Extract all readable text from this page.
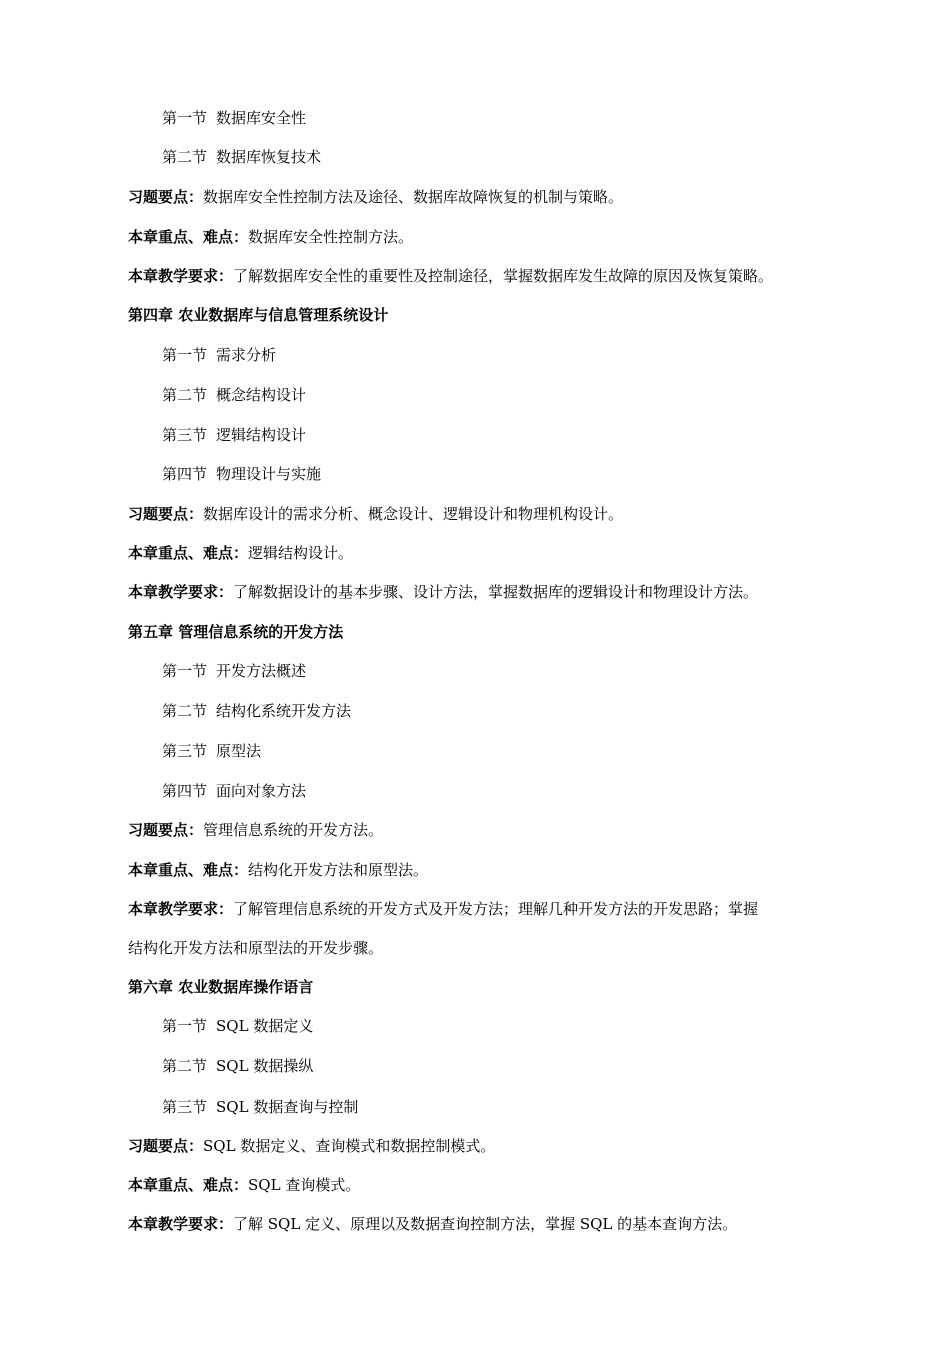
第一节 数据库安全性
第二节 数据库恢复技术
习题要点：数据库安全性控制方法及途径、数据库故障恢复的机制与策略。
本章重点、难点：数据库安全性控制方法。
本章教学要求：了解数据库安全性的重要性及控制途径，掌握数据库发生故障的原因及恢复策略。
第四章 农业数据库与信息管理系统设计
第一节 需求分析
第二节 概念结构设计
第三节 逻辑结构设计
第四节 物理设计与实施
习题要点：数据库设计的需求分析、概念设计、逻辑设计和物理机构设计。
本章重点、难点：逻辑结构设计。
本章教学要求：了解数据设计的基本步骤、设计方法，掌握数据库的逻辑设计和物理设计方法。
第五章 管理信息系统的开发方法
第一节 开发方法概述
第二节 结构化系统开发方法
第三节 原型法
第四节 面向对象方法
习题要点：管理信息系统的开发方法。
本章重点、难点：结构化开发方法和原型法。
本章教学要求：了解管理信息系统的开发方式及开发方法；理解几种开发方法的开发思路；掌握
结构化开发方法和原型法的开发步骤。
第六章 农业数据库操作语言
第一节 SQL 数据定义
第二节 SQL 数据操纵
第三节 SQL 数据查询与控制
习题要点：SQL 数据定义、查询模式和数据控制模式。
本章重点、难点：SQL 查询模式。
本章教学要求：了解 SQL 定义、原理以及数据查询控制方法，掌握 SQL 的基本查询方法。
